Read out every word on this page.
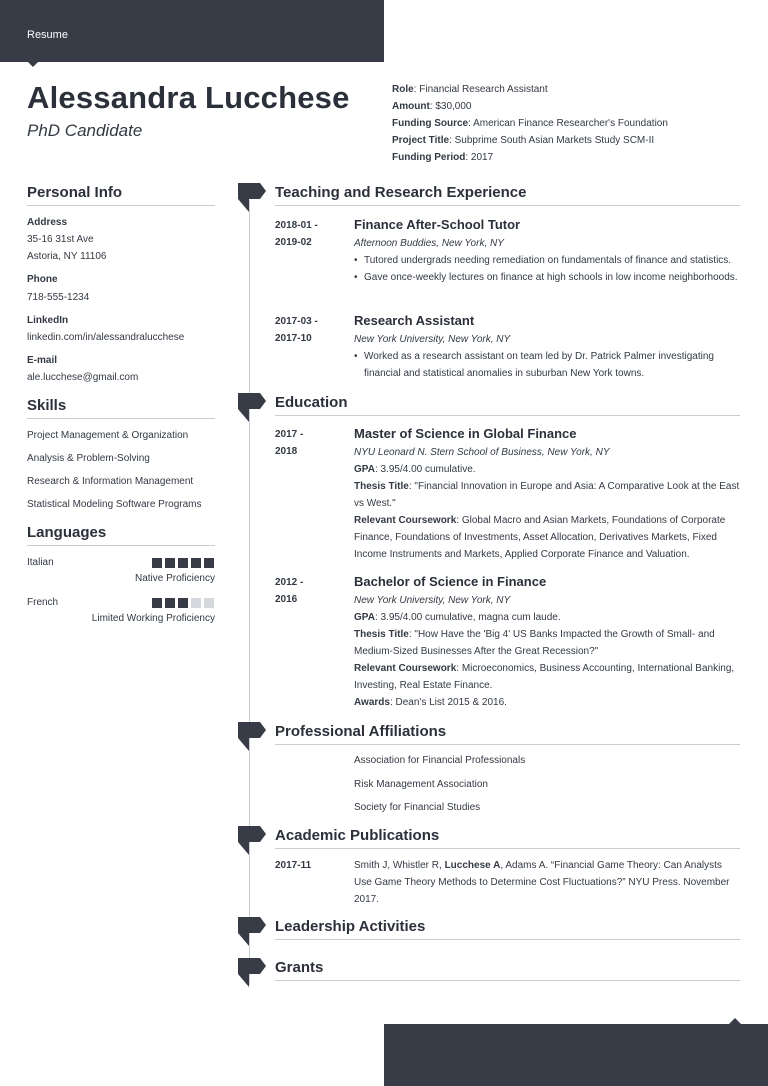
Resume
Alessandra Lucchese
PhD Candidate
Role: Financial Research Assistant
Amount: $30,000
Funding Source: American Finance Researcher's Foundation
Project Title: Subprime South Asian Markets Study SCM-II
Funding Period: 2017
Personal Info
Address
35-16 31st Ave
Astoria, NY 11106
Phone
718-555-1234
LinkedIn
linkedin.com/in/alessandralucchese
E-mail
ale.lucchese@gmail.com
Skills
Project Management & Organization
Analysis & Problem-Solving
Research & Information Management
Statistical Modeling Software Programs
Languages
Italian
Native Proficiency
French
Limited Working Proficiency
Teaching and Research Experience
2018-01 -
2019-02
Finance After-School Tutor
Afternoon Buddies, New York, NY
• Tutored undergrads needing remediation on fundamentals of finance and statistics.
• Gave once-weekly lectures on finance at high schools in low income neighborhoods.
2017-03 -
2017-10
Research Assistant
New York University, New York, NY
• Worked as a research assistant on team led by Dr. Patrick Palmer investigating financial and statistical anomalies in suburban New York towns.
Education
2017 -
2018
Master of Science in Global Finance
NYU Leonard N. Stern School of Business, New York, NY
GPA: 3.95/4.00 cumulative.
Thesis Title: "Financial Innovation in Europe and Asia: A Comparative Look at the East vs West."
Relevant Coursework: Global Macro and Asian Markets, Foundations of Corporate Finance, Foundations of Investments, Asset Allocation, Derivatives Markets, Fixed Income Instruments and Markets, Applied Corporate Finance and Valuation.
2012 -
2016
Bachelor of Science in Finance
New York University, New York, NY
GPA: 3.95/4.00 cumulative, magna cum laude.
Thesis Title: "How Have the 'Big 4' US Banks Impacted the Growth of Small- and Medium-Sized Businesses After the Great Recession?"
Relevant Coursework: Microeconomics, Business Accounting, International Banking, Investing, Real Estate Finance.
Awards: Dean's List 2015 & 2016.
Professional Affiliations
Association for Financial Professionals
Risk Management Association
Society for Financial Studies
Academic Publications
2017-11	Smith J, Whistler R, Lucchese A, Adams A. “Financial Game Theory: Can Analysts Use Game Theory Methods to Determine Cost Fluctuations?” NYU Press. November 2017.
Leadership Activities
Grants
